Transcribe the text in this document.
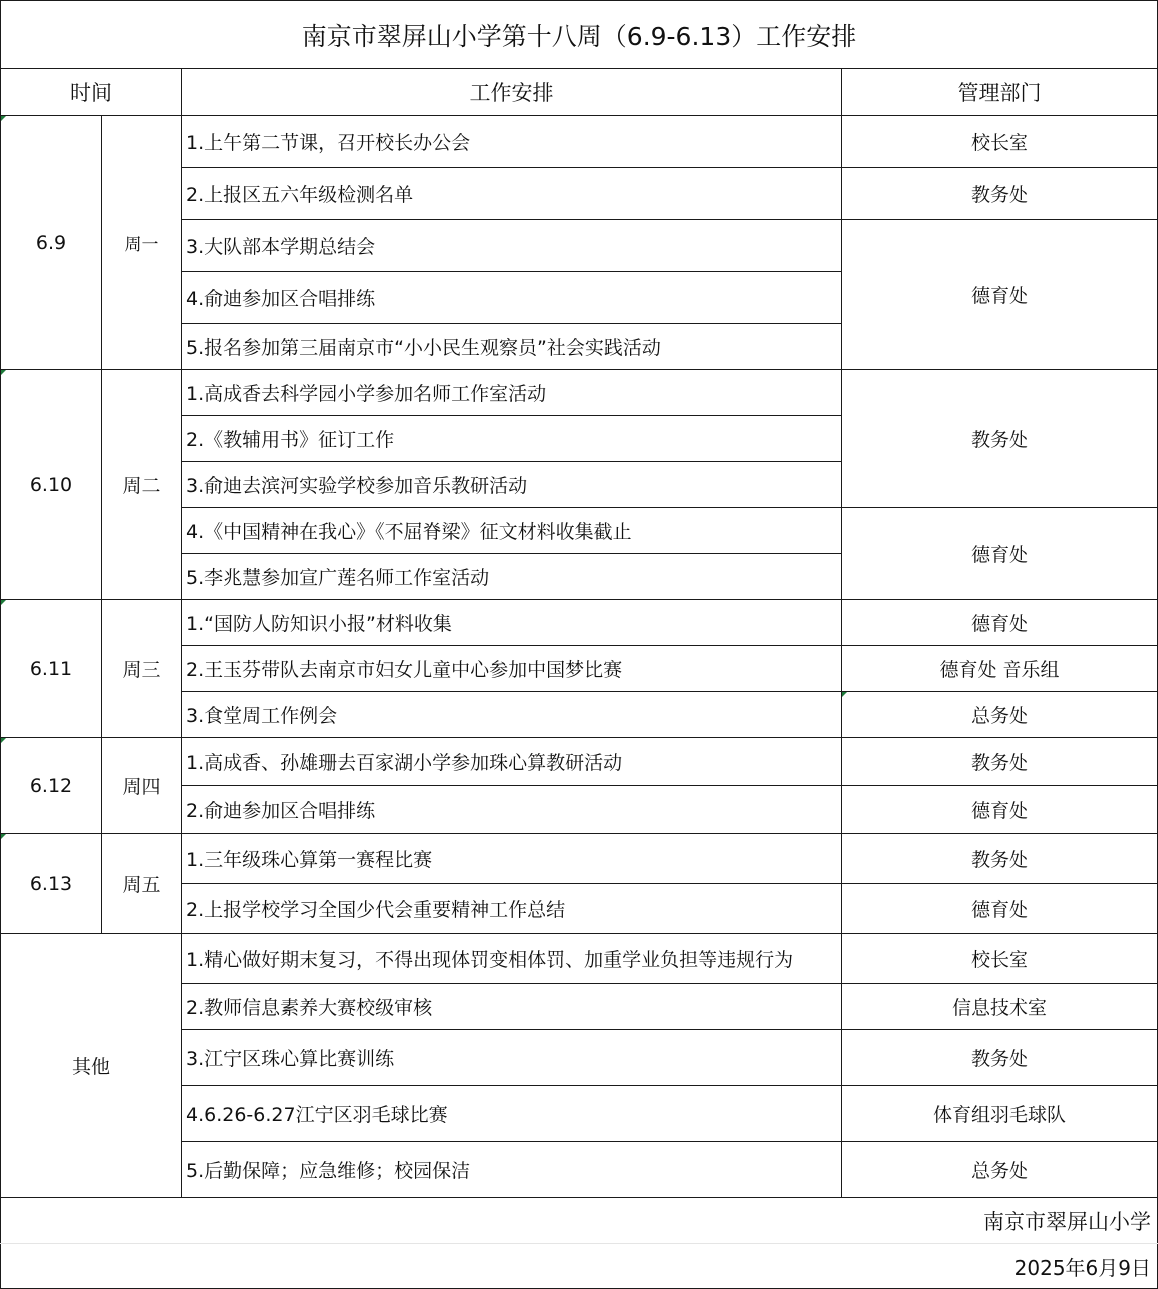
南京市翠屏山小学第十八周（6.9-6.13）工作安排			
时间		工作安排	管理部门
6.9	周一	1.上午第二节课，召开校长办公会	校长室
		2.上报区五六年级检测名单	教务处
		3.大队部本学期总结会	德育处
		4.俞迪参加区合唱排练	
		5.报名参加第三届南京市“小小民生观察员”社会实践活动	
6.10	周二	1.高成香去科学园小学参加名师工作室活动	教务处
		2.《教辅用书》征订工作	
		3.俞迪去滨河实验学校参加音乐教研活动	
		4.《中国精神在我心》《不屈脊梁》征文材料收集截止	德育处
		5.李兆慧参加宣广莲名师工作室活动	
6.11	周三	1.“国防人防知识小报”材料收集	德育处
		2.王玉芬带队去南京市妇女儿童中心参加中国梦比赛	德育处 音乐组
		3.食堂周工作例会	总务处
6.12	周四	1.高成香、孙雄珊去百家湖小学参加珠心算教研活动	教务处
		2.俞迪参加区合唱排练	德育处
6.13	周五	1.三年级珠心算第一赛程比赛	教务处
		2.上报学校学习全国少代会重要精神工作总结	德育处
其他		1.精心做好期末复习，不得出现体罚变相体罚、加重学业负担等违规行为	校长室
		2.教师信息素养大赛校级审核	信息技术室
		3.江宁区珠心算比赛训练	教务处
		4.6.26-6.27江宁区羽毛球比赛	体育组羽毛球队
		5.后勤保障；应急维修；校园保洁	总务处
南京市翠屏山小学			
2025年6月9日			
